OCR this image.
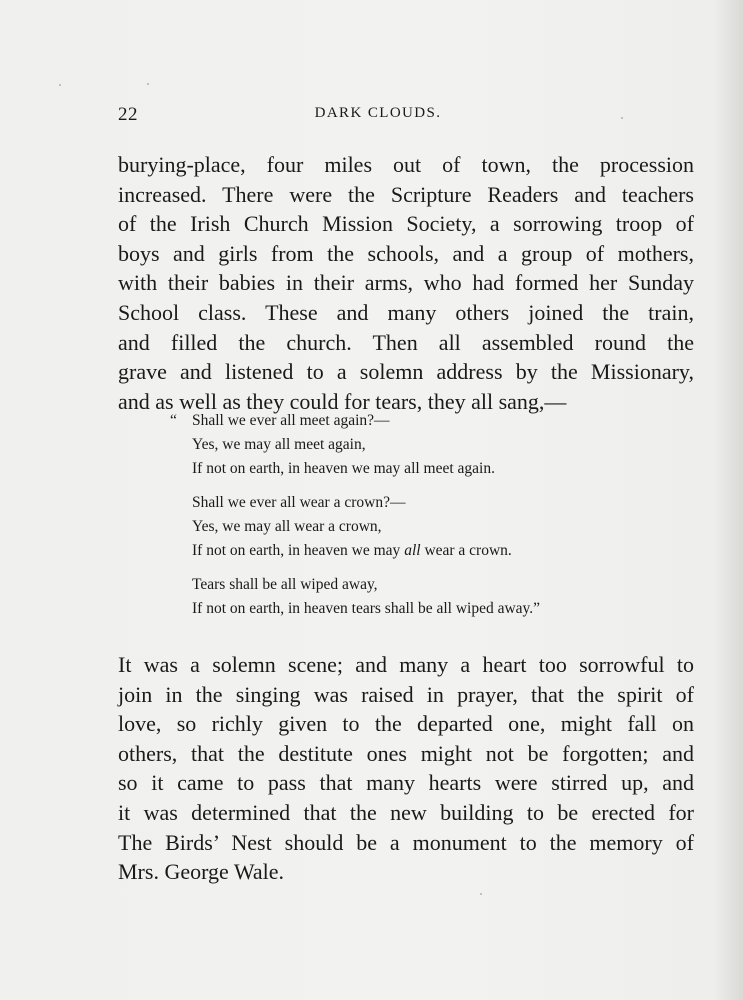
22	DARK CLOUDS.
burying-place, four miles out of town, the procession
increased. There were the Scripture Readers and teachers
of the Irish Church Mission Society, a sorrowing troop of
boys and girls from the schools, and a group of mothers,
with their babies in their arms, who had formed her Sunday
School class. These and many others joined the train,
and filled the church. Then all assembled round the
grave and listened to a solemn address by the Missionary,
and as well as they could for tears, they all sang,—
“ Shall we ever all meet again?—
Yes, we may all meet again,
If not on earth, in heaven we may all meet again.
Shall we ever all wear a crown?—
Yes, we may all wear a crown,
If not on earth, in heaven we may all wear a crown.
Tears shall be all wiped away,
If not on earth, in heaven tears shall be all wiped away.”
It was a solemn scene; and many a heart too sorrowful to
join in the singing was raised in prayer, that the spirit of
love, so richly given to the departed one, might fall on
others, that the destitute ones might not be forgotten; and
so it came to pass that many hearts were stirred up, and
it was determined that the new building to be erected for
The Birds’ Nest should be a monument to the memory of
Mrs. George Wale.
